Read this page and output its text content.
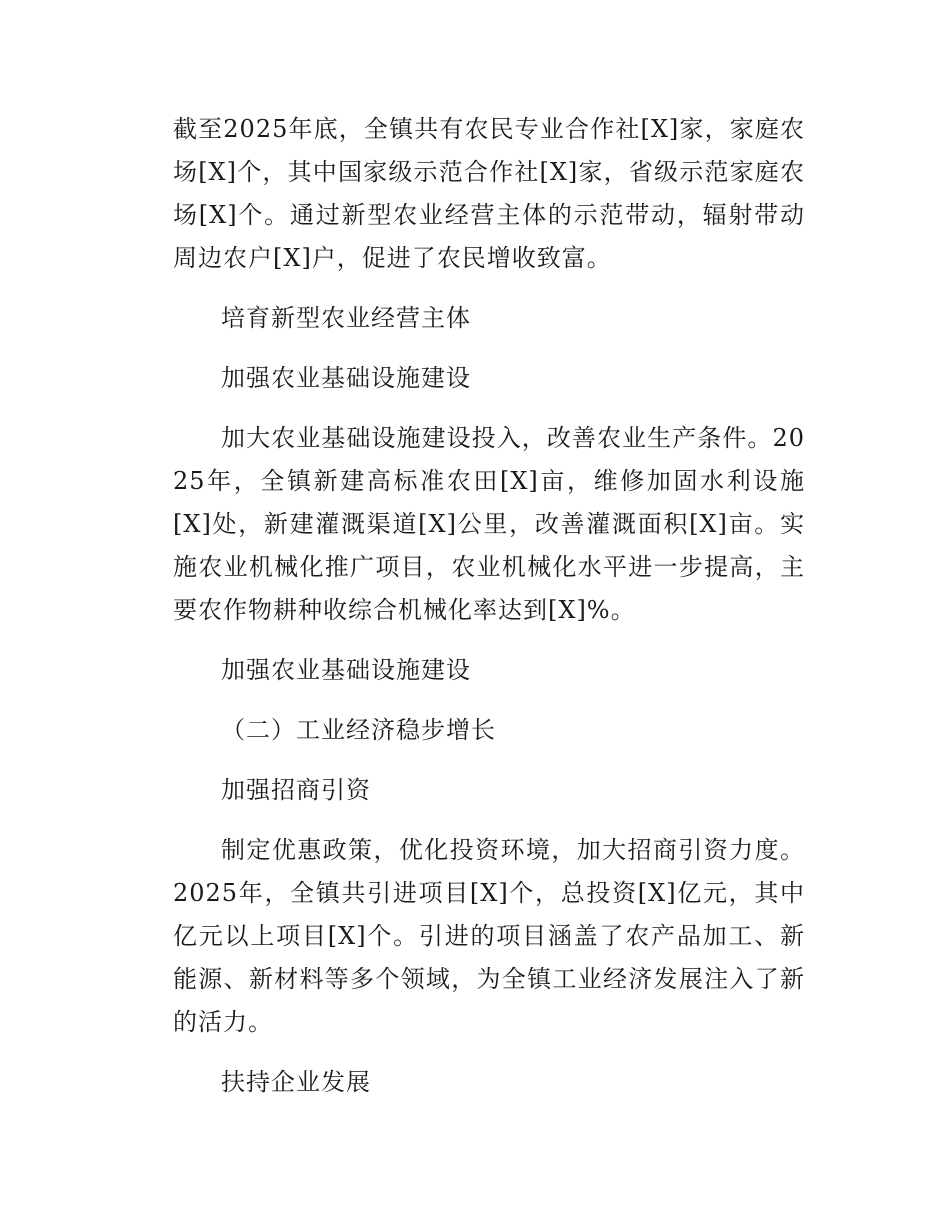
截至2025年底，全镇共有农民专业合作社[X]家，家庭农场[X]个，其中国家级示范合作社[X]家，省级示范家庭农场[X]个。通过新型农业经营主体的示范带动，辐射带动周边农户[X]户，促进了农民增收致富。

培育新型农业经营主体

加强农业基础设施建设

加大农业基础设施建设投入，改善农业生产条件。2025年，全镇新建高标准农田[X]亩，维修加固水利设施[X]处，新建灌溉渠道[X]公里，改善灌溉面积[X]亩。实施农业机械化推广项目，农业机械化水平进一步提高，主要农作物耕种收综合机械化率达到[X]%。

加强农业基础设施建设

（二）工业经济稳步增长

加强招商引资

制定优惠政策，优化投资环境，加大招商引资力度。2025年，全镇共引进项目[X]个，总投资[X]亿元，其中亿元以上项目[X]个。引进的项目涵盖了农产品加工、新能源、新材料等多个领域，为全镇工业经济发展注入了新的活力。

扶持企业发展
